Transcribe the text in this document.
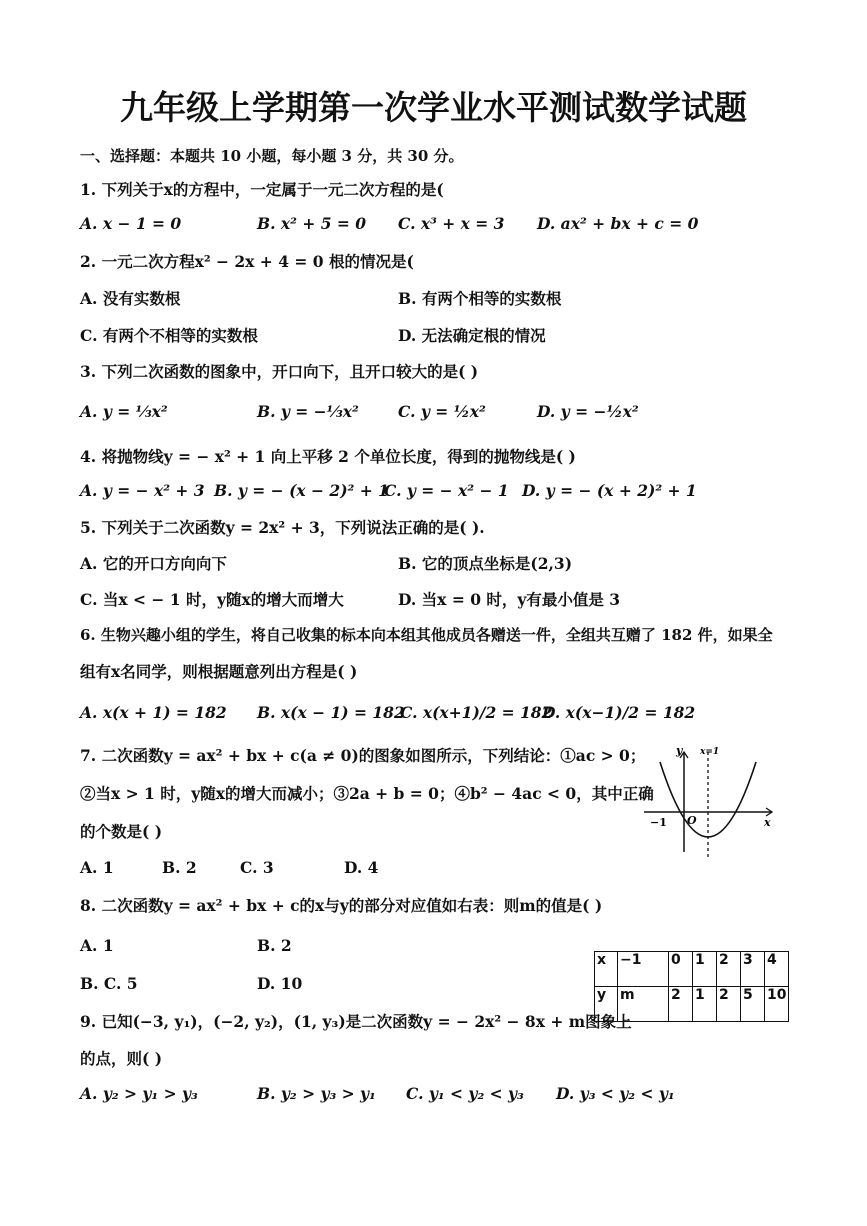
九年级上学期第一次学业水平测试数学试题
一、选择题：本题共 10 小题，每小题 3 分，共 30 分。
1. 下列关于x的方程中，一定属于一元二次方程的是(
A. x − 1 = 0	B. x² + 5 = 0 C. x³ + x = 3 D. ax² + bx + c = 0
2. 一元二次方程x² − 2x + 4 = 0 根的情况是(
A. 没有实数根	B. 有两个相等的实数根
C. 有两个不相等的实数根	D. 无法确定根的情况
3. 下列二次函数的图象中，开口向下，且开口较大的是( )
A. y = ⅓x²	B. y = −⅓x²	C. y = ½x²	D. y = −½x²
4. 将抛物线y = − x² + 1 向上平移 2 个单位长度，得到的抛物线是( )
A. y = − x² + 3 B. y = − (x − 2)² + 1
C. y = − x² − 1 D. y = − (x + 2)² + 1
5. 下列关于二次函数y = 2x² + 3，下列说法正确的是( ).
A. 它的开口方向向下	B. 它的顶点坐标是(2,3)
C. 当x < − 1 时，y随x的增大而增大	D. 当x = 0 时，y有最小值是 3
6. 生物兴趣小组的学生，将自己收集的标本向本组其他成员各赠送一件，全组共互赠了 182 件，如果全
组有x名同学，则根据题意列出方程是( )
A. x(x + 1) = 182 B. x(x − 1) = 182
C. x(x+1)/2 = 182
D. x(x−1)/2 = 182
7. 二次函数y = ax² + bx + c(a ≠ 0)的图象如图所示，下列结论：①ac > 0；
②当x > 1 时，y随x的增大而减小；③2a + b = 0；④b² − 4ac < 0，其中正确
的个数是( )
A. 1	B. 2	C. 3	D. 4
y x=1
x
−1 O
8. 二次函数y = ax² + bx + c的x与y的部分对应值如右表：则m的值是( )
A. 1	B. 2
B. C. 5	D. 10
x	−1	0	1	2	3	4
y	m	2	1	2	5	10
9. 已知(−3, y₁)，(−2, y₂)，(1, y₃)是二次函数y = − 2x² − 8x + m图象上
的点，则( )
A. y₂ > y₁ > y₃	B. y₂ > y₃ > y₁ C. y₁ < y₂ < y₃ D. y₃ < y₂ < y₁
